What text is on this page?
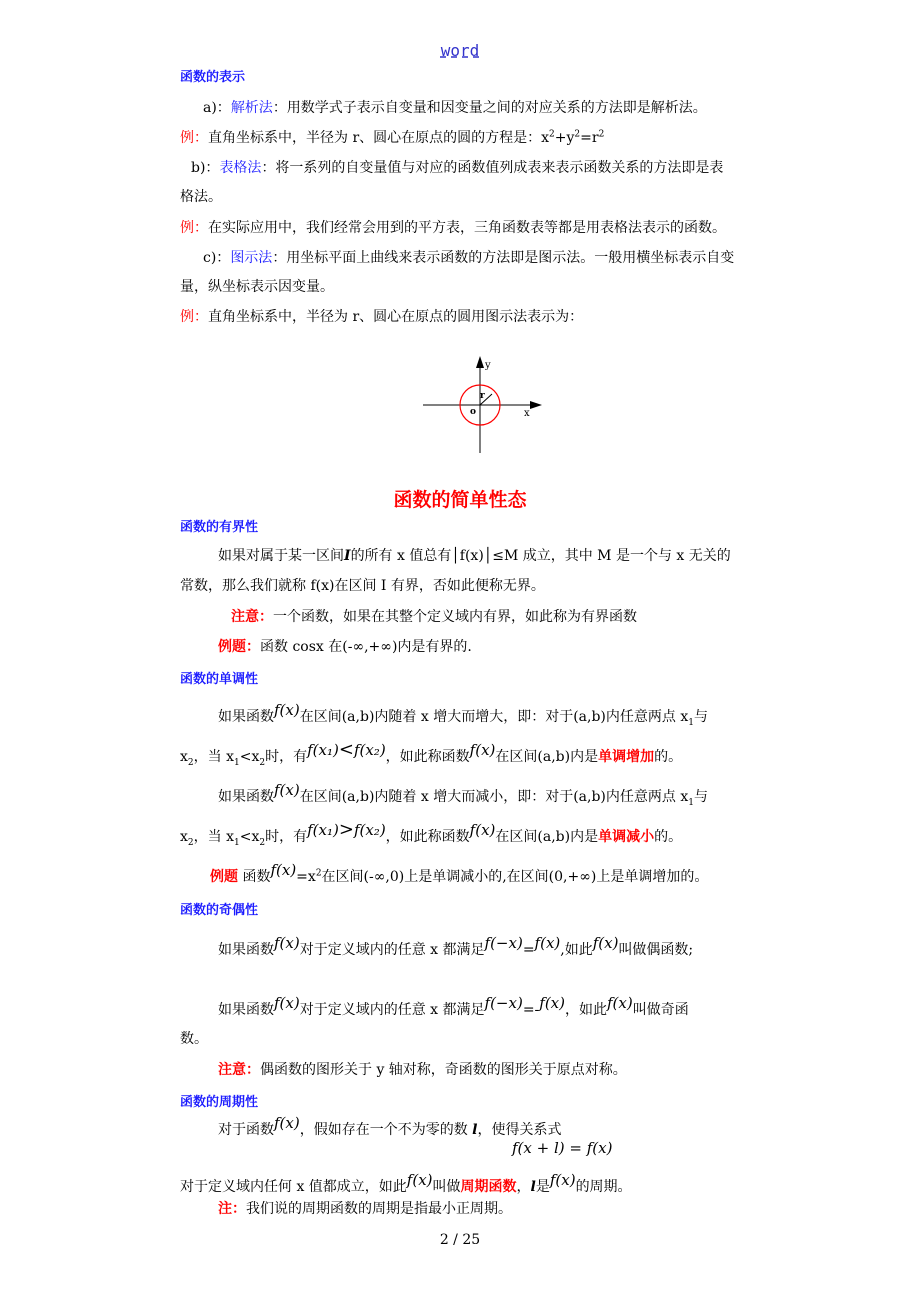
word
函数的表示
a)：解析法：用数学式子表示自变量和因变量之间的对应关系的方法即是解析法。
例：直角坐标系中，半径为 r、圆心在原点的圆的方程是：$x^2+y^2=r^2$
b)：表格法：将一系列的自变量值与对应的函数值列成表来表示函数关系的方法即是表
格法。
例：在实际应用中，我们经常会用到的平方表，三角函数表等都是用表格法表示的函数。
c)：图示法：用坐标平面上曲线来表示函数的方法即是图示法。一般用横坐标表示自变
量，纵坐标表示因变量。
例：直角坐标系中，半径为 r、圆心在原点的圆用图示法表示为：
y
x
o
r
函数的简单性态
函数的有界性
如果对属于某一区间I的所有 x 值总有│f(x)│≤M 成立，其中 M 是一个与 x 无关的
常数，那么我们就称 f(x)在区间 I 有界，否如此便称无界。
注意：一个函数，如果在其整个定义域内有界，如此称为有界函数
例题：函数 cosx 在(-∞,+∞)内是有界的.
函数的单调性
如果函数f(x)在区间(a,b)内随着 x 增大而增大，即：对于(a,b)内任意两点 $x_1$与
$x_2$，当 $x_1<x_2$时，有f(x₁)<f(x₂)，如此称函数f(x)在区间(a,b)内是单调增加的。
如果函数f(x)在区间(a,b)内随着 x 增大而减小，即：对于(a,b)内任意两点 $x_1$与
$x_2$，当 $x_1<x_2$时，有f(x₁)>f(x₂)，如此称函数f(x)在区间(a,b)内是单调减小的。
例题 函数$f(x)=x^2$在区间(-∞,0)上是单调减小的,在区间(0,+∞)上是单调增加的。
函数的奇偶性
如果函数f(x)对于定义域内的任意 x 都满足f(−x)=f(x),如此f(x)叫做偶函数;
如果函数f(x)对于定义域内的任意 x 都满足f(−x)=-f(x)，如此f(x)叫做奇函
数。
注意：偶函数的图形关于 y 轴对称，奇函数的图形关于原点对称。
函数的周期性
对于函数f(x)，假如存在一个不为零的数 l，使得关系式
f(x + l) = f(x)
对于定义域内任何 x 值都成立，如此f(x)叫做周期函数，l是f(x)的周期。
注：我们说的周期函数的周期是指最小正周期。
2 / 25
